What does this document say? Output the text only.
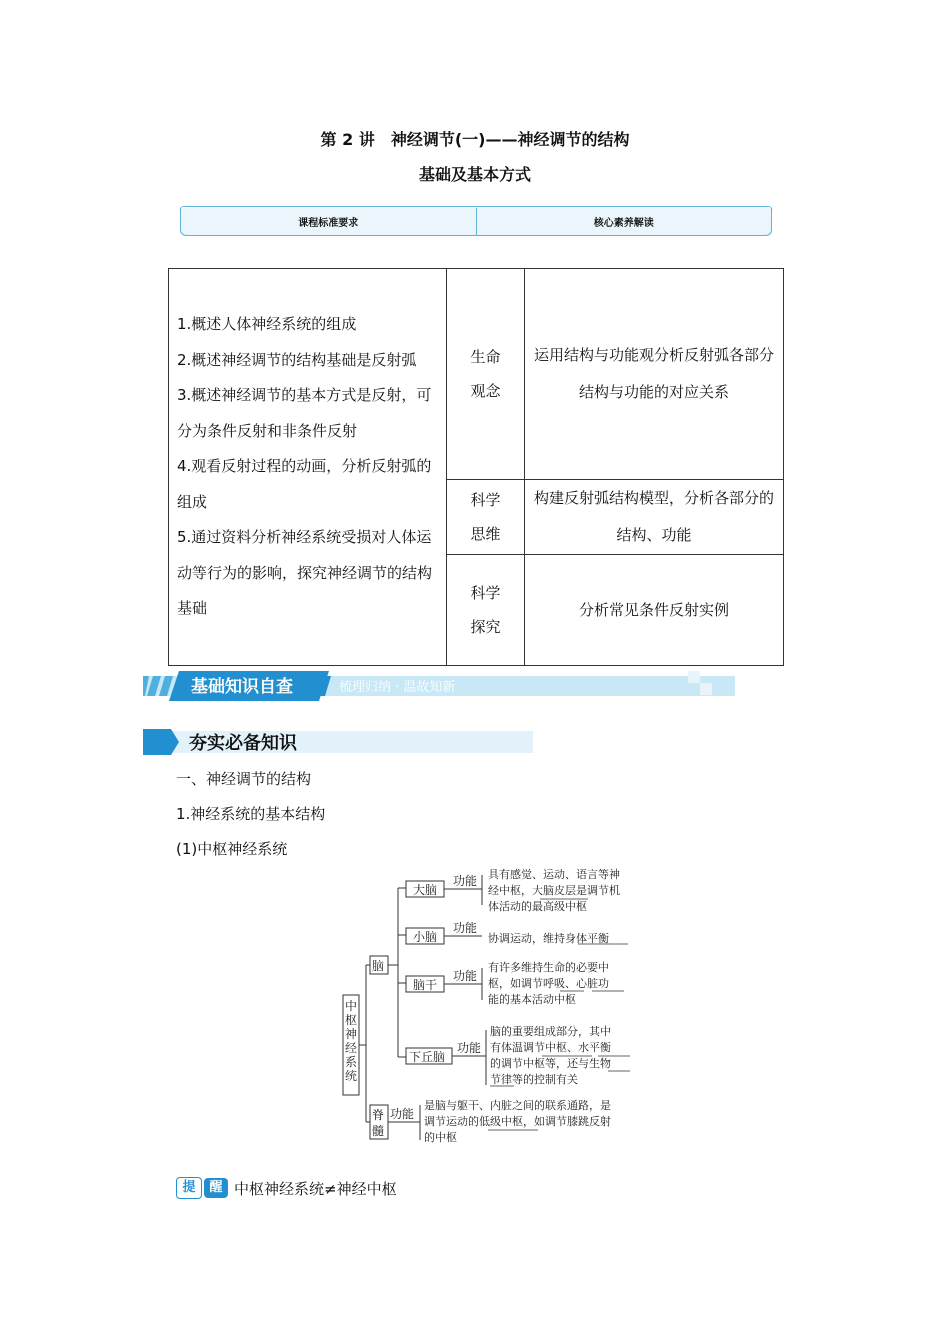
第 2 讲　神经调节(一)——神经调节的结构
基础及基本方式
课程标准要求	核心素养解读
1.概述人体神经系统的组成
2.概述神经调节的结构基础是反射弧
3.概述神经调节的基本方式是反射，可分为条件反射和非条件反射
4.观看反射过程的动画，分析反射弧的组成
5.通过资料分析神经系统受损对人体运动等行为的影响，探究神经调节的结构基础	生命观念	运用结构与功能观分析反射弧各部分结构与功能的对应关系

	科学思维	构建反射弧结构模型，分析各部分的结构、功能

	科学探究	分析常见条件反射实例
基础知识自查	梳理归纳 · 温故知新
夯实必备知识
一、神经调节的结构
1.神经系统的基本结构
(1)中枢神经系统
中枢神经系统
脑
脊
髓
大脑
小脑
脑干
下丘脑
功能
功能
功能
功能
功能
具有感觉、运动、语言等神
经中枢，大脑皮层是调节机
体活动的最高级中枢
协调运动，维持身体平衡
有许多维持生命的必要中
枢，如调节呼吸、心脏功
能的基本活动中枢
脑的重要组成部分，其中
有体温调节中枢、水平衡
的调节中枢等，还与生物
节律等的控制有关
是脑与躯干、内脏之间的联系通路，是
调节运动的低级中枢，如调节膝跳反射
的中枢
提	醒 中枢神经系统≠神经中枢
